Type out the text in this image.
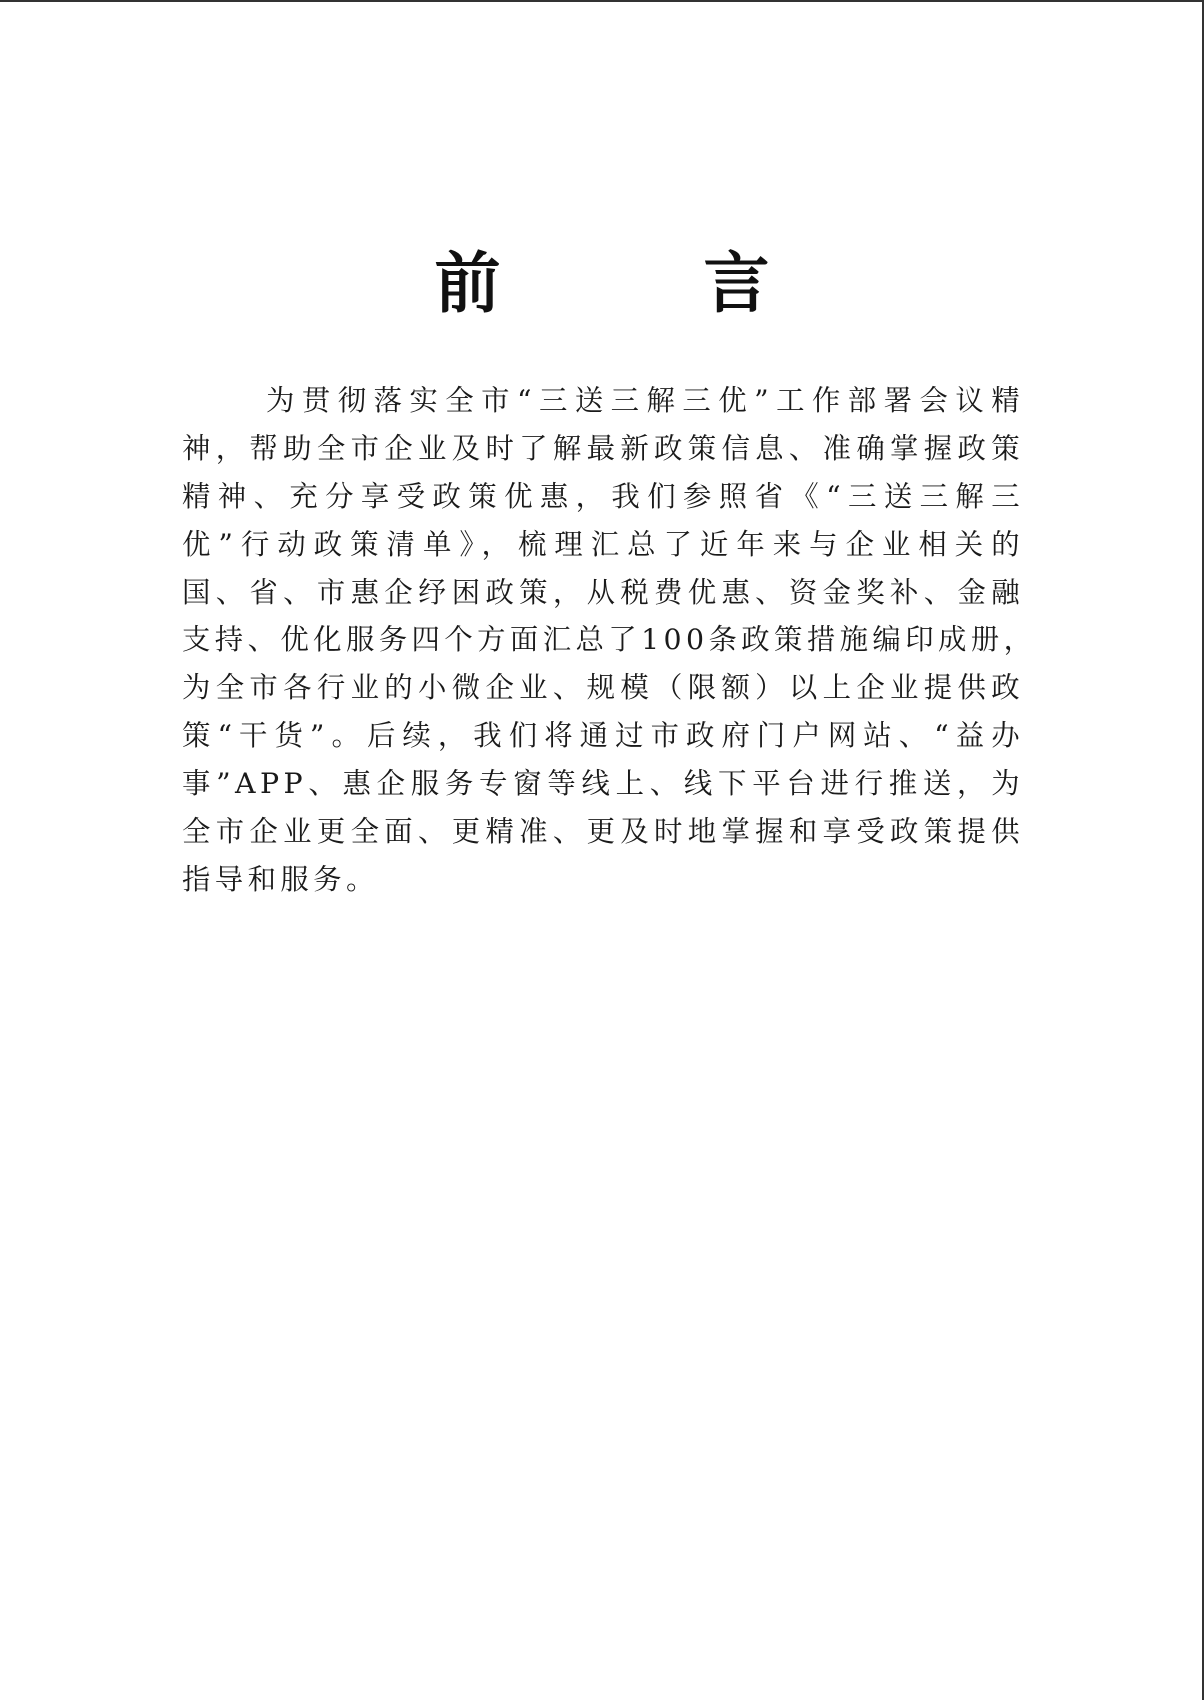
前 言
为贯彻落实全市“三送三解三优”工作部署会议精
神，帮助全市企业及时了解最新政策信息、准确掌握政策
精神、充分享受政策优惠，我们参照省《“三送三解三
优”行动政策清单》，梳理汇总了近年来与企业相关的
国、省、市惠企纾困政策，从税费优惠、资金奖补、金融
支持、优化服务四个方面汇总了100条政策措施编印成册，
为全市各行业的小微企业、规模（限额）以上企业提供政
策“干货”。后续，我们将通过市政府门户网站、“益办
事”APP、惠企服务专窗等线上、线下平台进行推送，为
全市企业更全面、更精准、更及时地掌握和享受政策提供
指导和服务。
